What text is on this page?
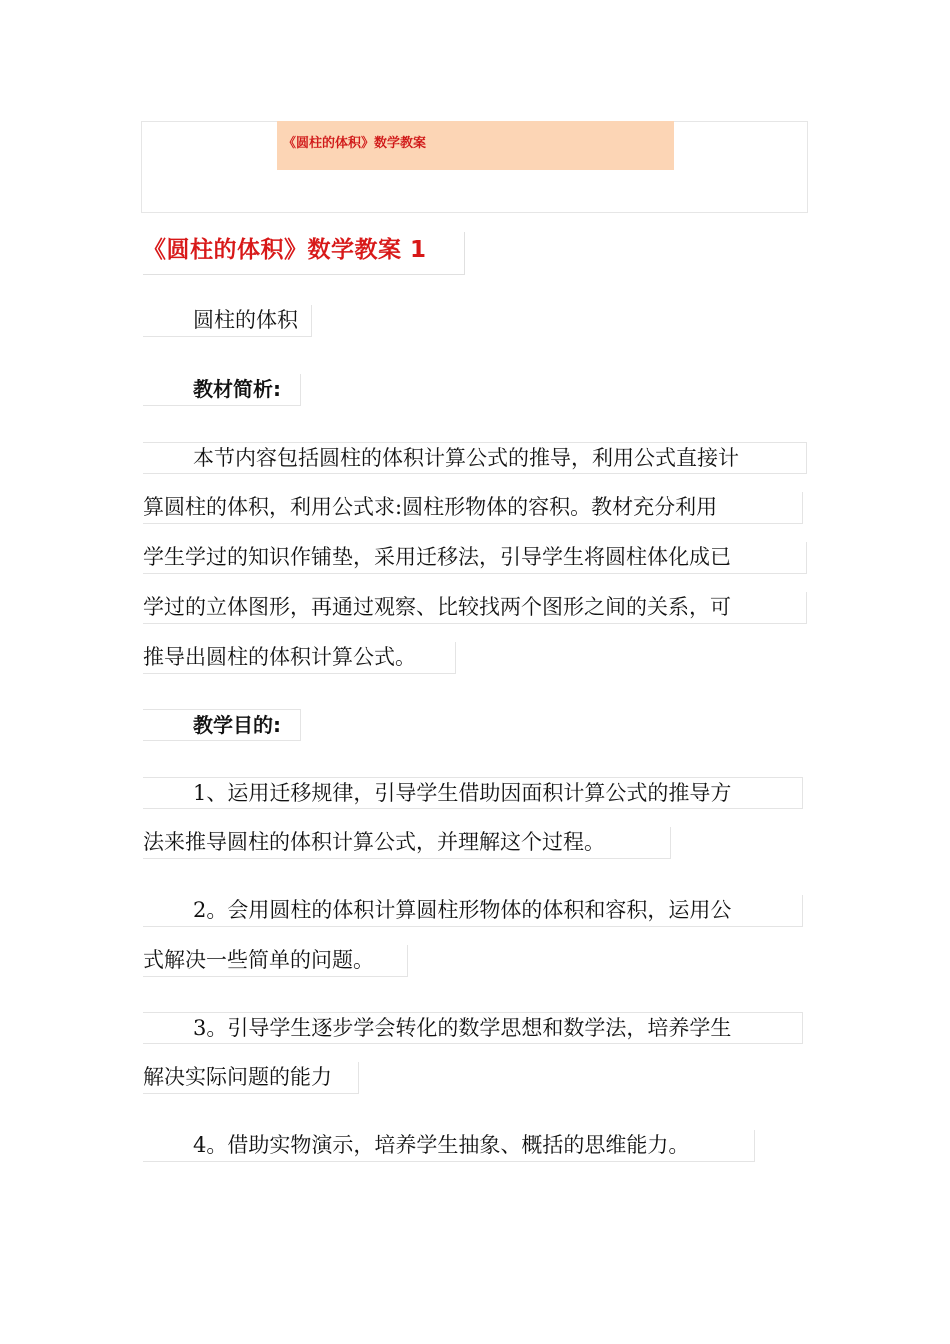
《圆柱的体积》数学教案
《圆柱的体积》数学教案 1
圆柱的体积
教材简析:
本节内容包括圆柱的体积计算公式的推导，利用公式直接计
算圆柱的体积，利用公式求:圆柱形物体的容积。教材充分利用
学生学过的知识作铺垫，采用迁移法，引导学生将圆柱体化成已
学过的立体图形，再通过观察、比较找两个图形之间的关系，可
推导出圆柱的体积计算公式。
教学目的:
1、运用迁移规律，引导学生借助因面积计算公式的推导方
法来推导圆柱的体积计算公式，并理解这个过程。
2。会用圆柱的体积计算圆柱形物体的体积和容积，运用公
式解决一些简单的问题。
3。引导学生逐步学会转化的数学思想和数学法，培养学生
解决实际问题的能力
4。借助实物演示，培养学生抽象、概括的思维能力。
